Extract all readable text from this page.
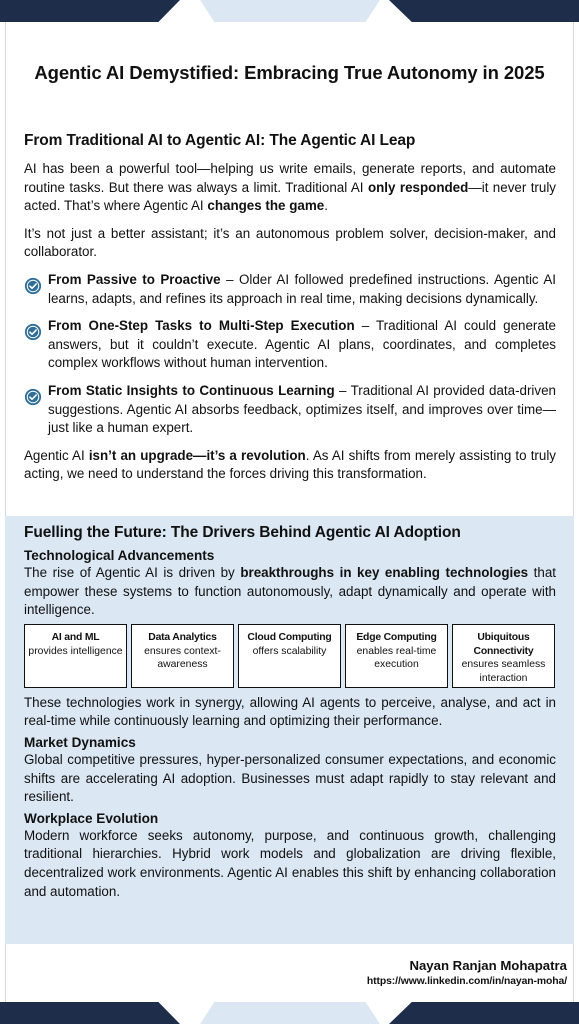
Agentic AI Demystified: Embracing True Autonomy in 2025
From Traditional AI to Agentic AI: The Agentic AI Leap

AI has been a powerful tool—helping us write emails, generate reports, and automate routine tasks. But there was always a limit. Traditional AI only responded—it never truly acted. That’s where Agentic AI changes the game.

It’s not just a better assistant; it’s an autonomous problem solver, decision-maker, and collaborator.

From Passive to Proactive – Older AI followed predefined instructions. Agentic AI learns, adapts, and refines its approach in real time, making decisions dynamically.
From One-Step Tasks to Multi-Step Execution – Traditional AI could generate answers, but it couldn’t execute. Agentic AI plans, coordinates, and completes complex workflows without human intervention.
From Static Insights to Continuous Learning – Traditional AI provided data-driven suggestions. Agentic AI absorbs feedback, optimizes itself, and improves over time—just like a human expert.

Agentic AI isn’t an upgrade—it’s a revolution. As AI shifts from merely assisting to truly acting, we need to understand the forces driving this transformation.

Fuelling the Future: The Drivers Behind Agentic AI Adoption
Technological Advancements

The rise of Agentic AI is driven by breakthroughs in key enabling technologies that empower these systems to function autonomously, adapt dynamically and operate with intelligence.

AI and ML
provides intelligence
Data Analytics
ensures context-awareness
Cloud Computing
offers scalability
Edge Computing
enables real-time execution
Ubiquitous Connectivity
ensures seamless interaction

These technologies work in synergy, allowing AI agents to perceive, analyse, and act in real-time while continuously learning and optimizing their performance.

Market Dynamics

Global competitive pressures, hyper-personalized consumer expectations, and economic shifts are accelerating AI adoption. Businesses must adapt rapidly to stay relevant and resilient.

Workplace Evolution

Modern workforce seeks autonomy, purpose, and continuous growth, challenging traditional hierarchies. Hybrid work models and globalization are driving flexible, decentralized work environments. Agentic AI enables this shift by enhancing collaboration and automation.

Nayan Ranjan Mohapatra
https://www.linkedin.com/in/nayan-moha/
